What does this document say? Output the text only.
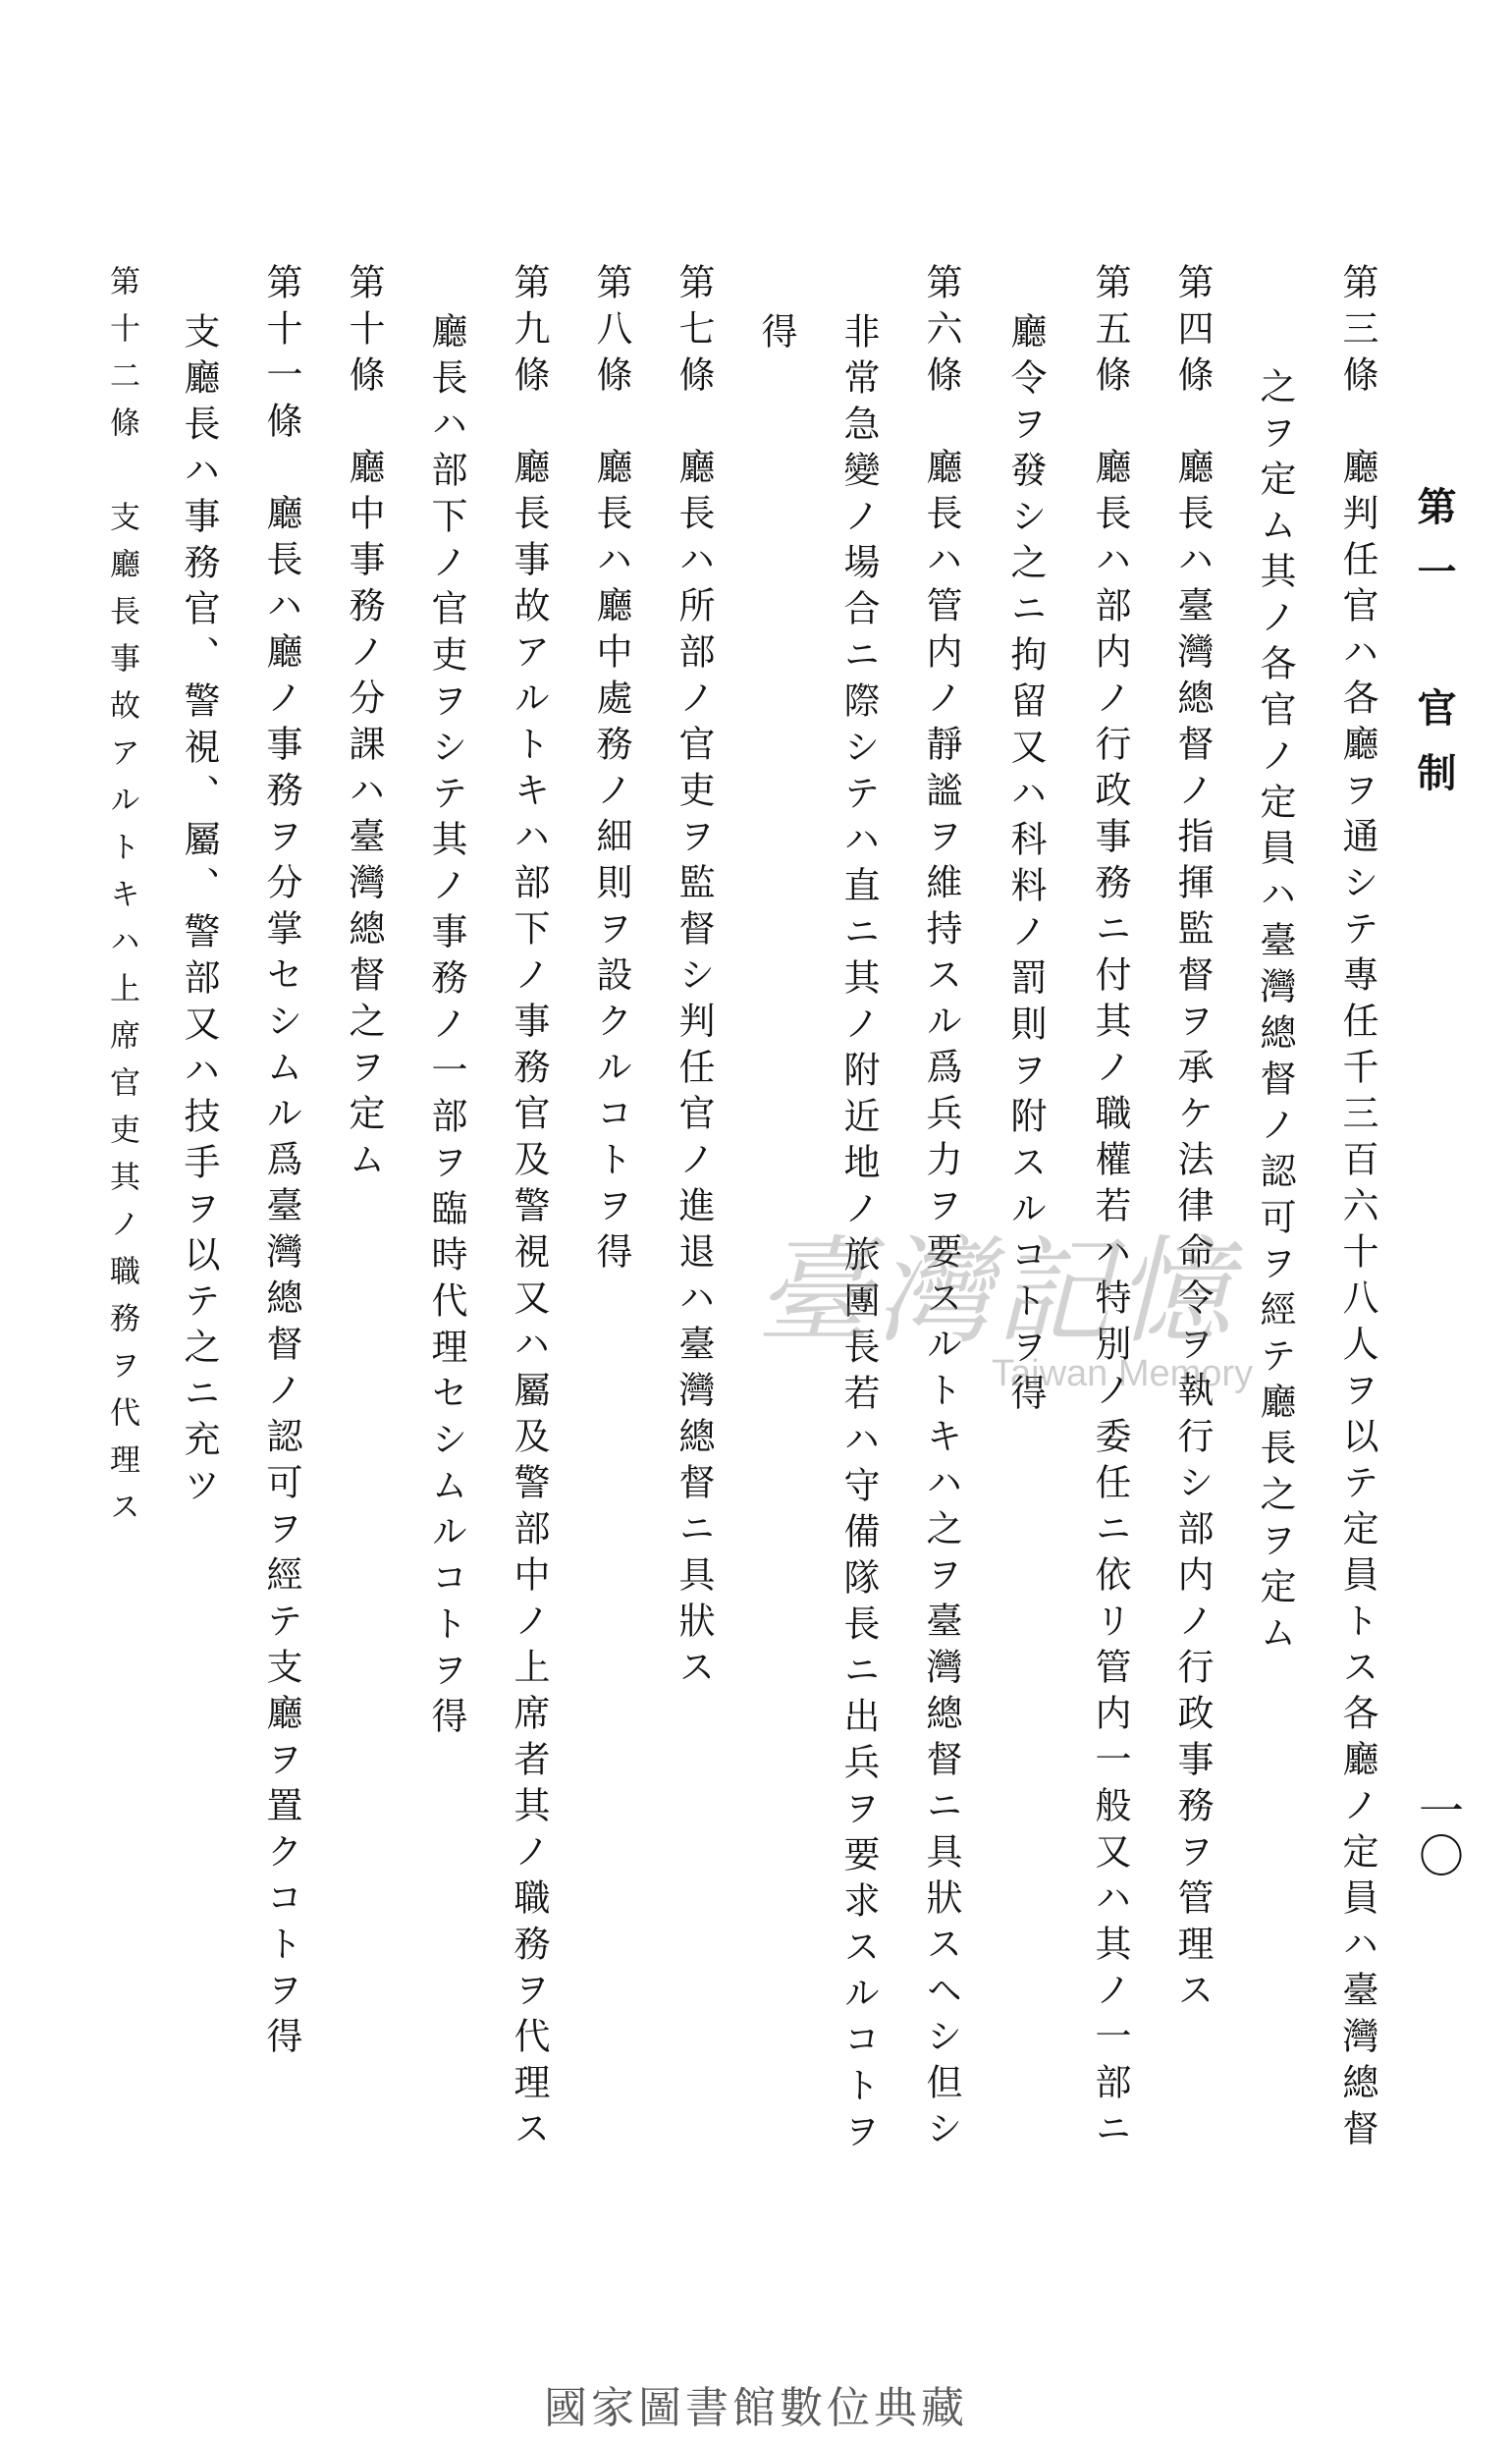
第一 官制
一〇
第三條　廳判任官ハ各廳ヲ通シテ專任千三百六十八人ヲ以テ定員トス各廳ノ定員ハ臺灣總督
之ヲ定ム其ノ各官ノ定員ハ臺灣總督ノ認可ヲ經テ廳長之ヲ定ム
第四條　廳長ハ臺灣總督ノ指揮監督ヲ承ケ法律命令ヲ執行シ部内ノ行政事務ヲ管理ス
第五條　廳長ハ部内ノ行政事務ニ付其ノ職權若ハ特別ノ委任ニ依リ管内一般又ハ其ノ一部ニ
廳令ヲ發シ之ニ拘留又ハ科料ノ罰則ヲ附スルコトヲ得
第六條　廳長ハ管内ノ靜謐ヲ維持スル爲兵力ヲ要スルトキハ之ヲ臺灣總督ニ具狀スヘシ但シ
非常急變ノ場合ニ際シテハ直ニ其ノ附近地ノ旅團長若ハ守備隊長ニ出兵ヲ要求スルコトヲ
得
第七條　廳長ハ所部ノ官吏ヲ監督シ判任官ノ進退ハ臺灣總督ニ具狀ス
第八條　廳長ハ廳中處務ノ細則ヲ設クルコトヲ得
第九條　廳長事故アルトキハ部下ノ事務官及警視又ハ屬及警部中ノ上席者其ノ職務ヲ代理ス
廳長ハ部下ノ官吏ヲシテ其ノ事務ノ一部ヲ臨時代理セシムルコトヲ得
第十條　廳中事務ノ分課ハ臺灣總督之ヲ定ム
第十一條　廳長ハ廳ノ事務ヲ分掌セシムル爲臺灣總督ノ認可ヲ經テ支廳ヲ置クコトヲ得
支廳長ハ事務官、警視、屬、警部又ハ技手ヲ以テ之ニ充ツ
第十二條　支廳長事故アルトキハ上席官吏其ノ職務ヲ代理ス	臺灣記憶
Taiwan Memory
國家圖書館數位典藏
